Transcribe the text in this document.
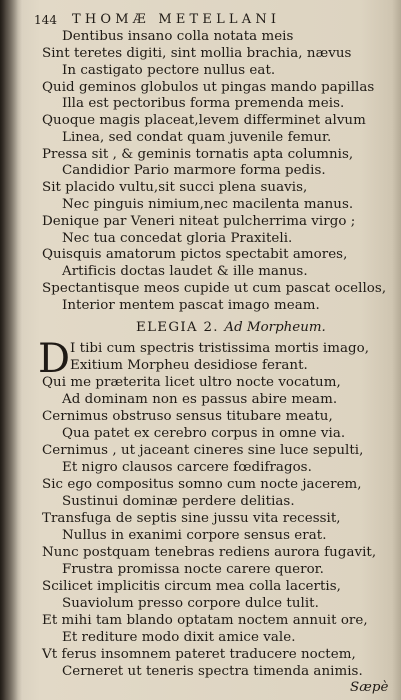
144 THOMÆ METELLANI
Dentibus insano colla notata meis
Sint teretes digiti, sint mollia brachia, nævus
In castigato pectore nullus eat.
Quid geminos globulos ut pingas mando papillas
Illa est pectoribus forma premenda meis.
Quoque magis placeat,levem differminet alvum
Linea, sed condat quam juvenile femur.
Pressa sit , & geminis tornatis apta columnis,
Candidior Pario marmore forma pedis.
Sit placido vultu,sit succi plena suavis,
Nec pinguis nimium,nec macilenta manus.
Denique par Veneri niteat pulcherrima virgo ;
Nec tua concedat gloria Praxiteli.
Quisquis amatorum pictos spectabit amores,
Artificis doctas laudet & ille manus.
Spectantisque meos cupide ut cum pascat ocellos,
Interior mentem pascat imago meam.
ELEGIA 2. Ad Morpheum.
D I tibi cum spectris tristissima mortis imago,
Exitium Morpheu desidiose ferant.
Qui me præterita licet ultro nocte vocatum,
Ad dominam non es passus abire meam.
Cernimus obstruso sensus titubare meatu,
Qua patet ex cerebro corpus in omne via.
Cernimus , ut jaceant cineres sine luce sepulti,
Et nigro clausos carcere fœdifragos.
Sic ego compositus somno cum nocte jacerem,
Sustinui dominæ perdere delitias.
Transfuga de septis sine jussu vita recessit,
Nullus in exanimi corpore sensus erat.
Nunc postquam tenebras rediens aurora fugavit,
Frustra promissa nocte carere queror.
Scilicet implicitis circum mea colla lacertis,
Suaviolum presso corpore dulce tulit.
Et mihi tam blando optatam noctem annuit ore,
Et rediture modo dixit amice vale.
Vt ferus insomnem pateret traducere noctem,
Cerneret ut teneris spectra timenda animis.
Sæpè
